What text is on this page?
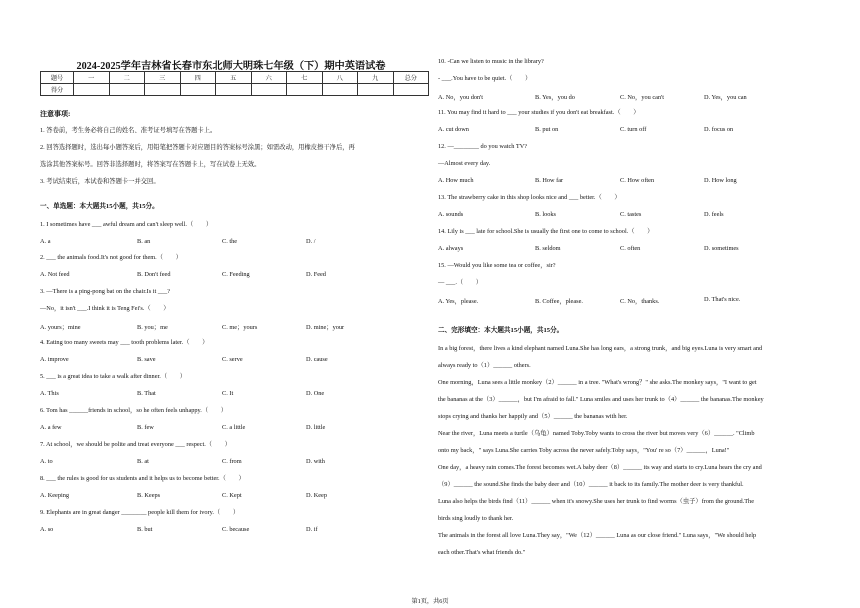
2024-2025学年吉林省长春市东北师大明珠七年级（下）期中英语试卷
题号	一	二	三	四	五	六	七	八	九	总分
得分										
注意事项:
1. 答卷前，考生务必将自己的姓名、准考证号填写在答题卡上。
2. 回答选择题时，选出每小题答案后，用铅笔把答题卡对应题目的答案标号涂黑；如需改动，用橡皮擦干净后，再
选涂其他答案标号。回答非选择题时，将答案写在答题卡上，写在试卷上无效。
3. 考试结束后，本试卷和答题卡一并交回。
一、单选题：本大题共15小题，共15分。
1. I sometimes have ___ awful dream and can't sleep well.（　　）
A. a	B. an	C. the	D. /
2. ___ the animals food.It's not good for them.（　　）
A. Not feed	B. Don't feed	C. Feeding	D. Feed
3. —There is a ping-pong bat on the chair.Is it ___?
—No，it isn't ___.I think it is Teng Fei's.（　　）
A. yours；mine	B. you；me	C. me；yours	D. mine；your
4. Eating too many sweets may ___ tooth problems later.（　　）
A. improve	B. save	C. serve	D. cause
5. ___ is a great idea to take a walk after dinner.（　　）
A. This	B. That	C. It	D. One
6. Tom has ______friends in school，so he often feels unhappy.（　　）
A. a few	B. few	C. a little	D. little
7. At school，we should be polite and treat everyone ___ respect.（　　）
A. to	B. at	C. from	D. with
8. ___ the rules is good for us students and it helps us to become better.（　　）
A. Keeping	B. Keeps	C. Kept	D. Keep
9. Elephants are in great danger ________ people kill them for ivory.（　　）
A. so	B. but	C. because	D. if
10. -Can we listen to music in the library?
- ___.You have to be quiet.（　　）
A. No，you don't	B. Yes，you do	C. No，you can't	D. Yes，you can
11. You may find it hard to ___ your studies if you don't eat breakfast.（　　）
A. cut down	B. put on	C. turn off	D. focus on
12. —________ do you watch TV?
—Almost every day.
A. How much	B. How far	C. How often	D. How long
13. The strawberry cake in this shop looks nice and ___ better.（　　）
A. sounds	B. looks	C. tastes	D. feels
14. Lily is ___ late for school.She is usually the first one to come to school.（　　）
A. always	B. seldom	C. often	D. sometimes
15. —Would you like some tea or coffee，sir?
— ___.（　　）
A. Yes，please.	B. Coffee，please.	C. No，thanks.	D. That's nice.
二、完形填空：本大题共15小题，共15分。
In a big forest，there lives a kind elephant named Luna.She has long ears，a strong trunk，and big eyes.Luna is very smart and
always ready to（1）______ others.
One morning，Luna sees a little monkey（2）______ in a tree. "What's wrong？" she asks.The monkey says，"I want to get
the bananas at the（3）______，but I'm afraid to fall." Luna smiles and uses her trunk to（4）______ the bananas.The monkey
stops crying and thanks her happily and（5）______ the bananas with her.
Near the river，Luna meets a turtle（乌龟）named Toby.Toby wants to cross the river but moves very（6）______. "Climb
onto my back，" says Luna.She carries Toby across the never safely.Toby says，"You' re so（7）______，Luna!"
One day，a heavy rain comes.The forest becomes wet.A baby deer（8）______ its way and starts to cry.Luna hears the cry and
（9）______ the sound.She finds the baby deer and（10）______ it back to its family.The mother deer is very thankful.
Luna also helps the birds find（11）______ when it's snowy.She uses her trunk to find worms（虫子）from the ground.The
birds sing loudly to thank her.
The animals in the forest all love Luna.They say，"We（12）______ Luna as our close friend." Luna says，"We should help
each other.That's what friends do."
第1页，共6页
